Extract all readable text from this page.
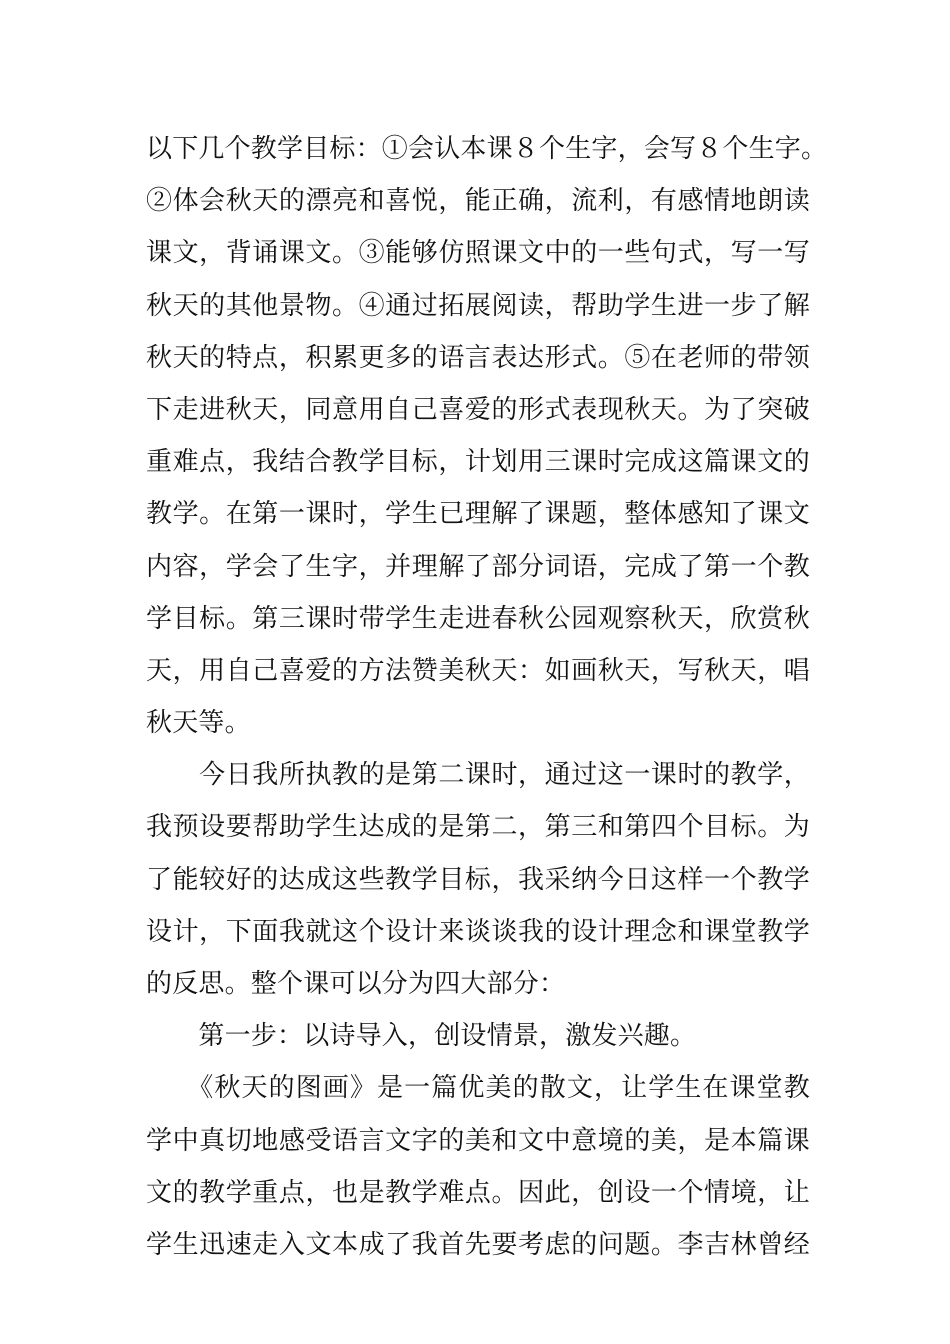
以下几个教学目标：①会认本课８个生字，会写８个生字。
②体会秋天的漂亮和喜悦，能正确，流利，有感情地朗读
课文，背诵课文。③能够仿照课文中的一些句式，写一写
秋天的其他景物。④通过拓展阅读，帮助学生进一步了解
秋天的特点，积累更多的语言表达形式。⑤在老师的带领
下走进秋天，同意用自己喜爱的形式表现秋天。为了突破
重难点，我结合教学目标，计划用三课时完成这篇课文的
教学。在第一课时，学生已理解了课题，整体感知了课文
内容，学会了生字，并理解了部分词语，完成了第一个教
学目标。第三课时带学生走进春秋公园观察秋天，欣赏秋
天，用自己喜爱的方法赞美秋天：如画秋天，写秋天，唱
秋天等。
　　今日我所执教的是第二课时，通过这一课时的教学，
我预设要帮助学生达成的是第二，第三和第四个目标。为
了能较好的达成这些教学目标，我采纳今日这样一个教学
设计，下面我就这个设计来谈谈我的设计理念和课堂教学
的反思。整个课可以分为四大部分：
　　第一步：以诗导入，创设情景，激发兴趣。
　　《秋天的图画》是一篇优美的散文，让学生在课堂教
学中真切地感受语言文字的美和文中意境的美，是本篇课
文的教学重点，也是教学难点。因此，创设一个情境，让
学生迅速走入文本成了我首先要考虑的问题。李吉林曾经
